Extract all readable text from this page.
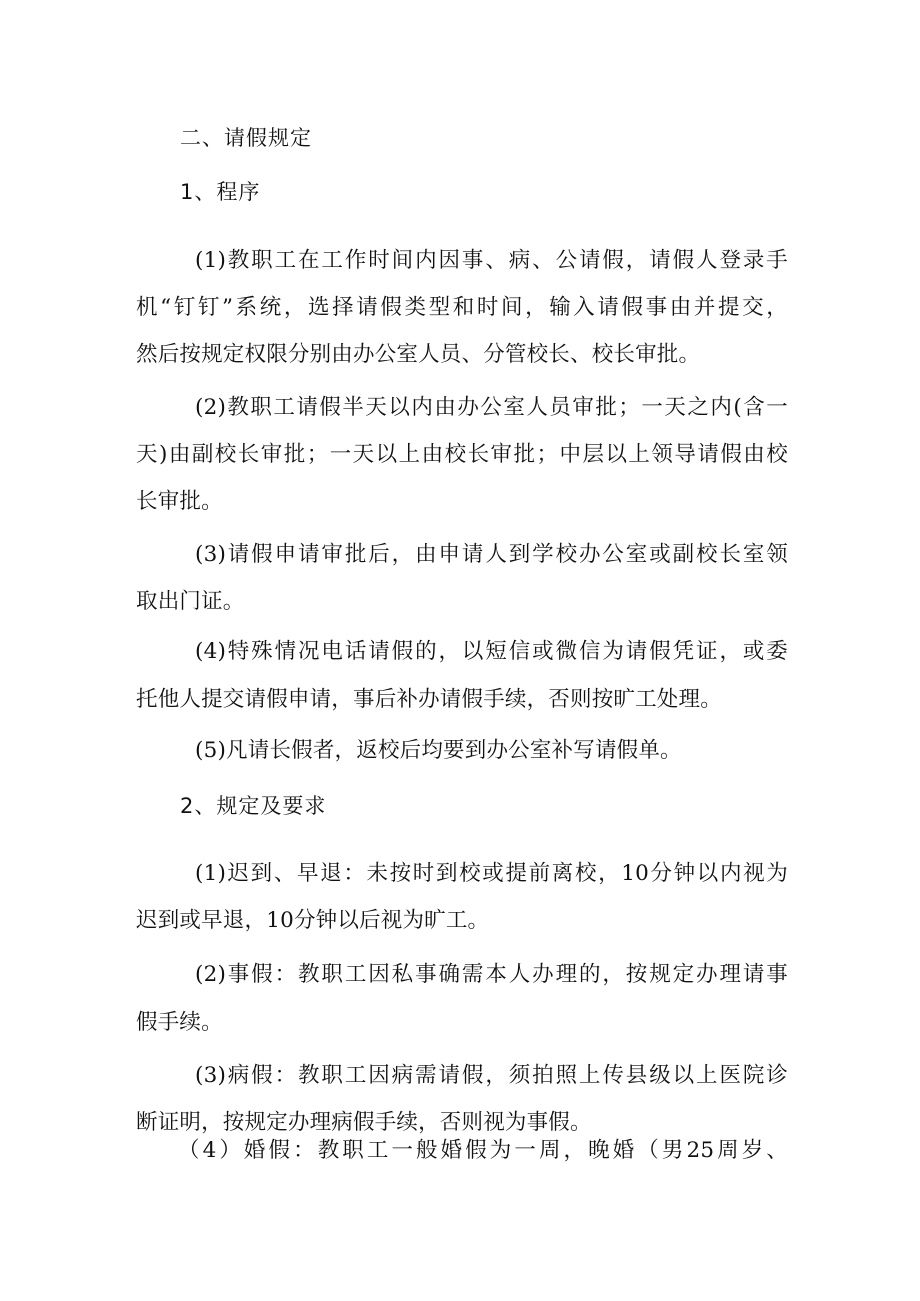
二、请假规定
1、程序
(1)教职工在工作时间内因事、病、公请假，请假人登录手
机“钉钉”系统，选择请假类型和时间，输入请假事由并提交，
然后按规定权限分别由办公室人员、分管校长、校长审批。
(2)教职工请假半天以内由办公室人员审批；一天之内(含一
天)由副校长审批；一天以上由校长审批；中层以上领导请假由校
长审批。
(3)请假申请审批后，由申请人到学校办公室或副校长室领
取出门证。
(4)特殊情况电话请假的，以短信或微信为请假凭证，或委
托他人提交请假申请，事后补办请假手续，否则按旷工处理。
(5)凡请长假者，返校后均要到办公室补写请假单。
2、规定及要求
(1)迟到、早退：未按时到校或提前离校，10分钟以内视为
迟到或早退，10分钟以后视为旷工。
(2)事假：教职工因私事确需本人办理的，按规定办理请事
假手续。
(3)病假：教职工因病需请假，须拍照上传县级以上医院诊
断证明，按规定办理病假手续，否则视为事假。
（4）婚假：教职工一般婚假为一周，晚婚（男25周岁、
